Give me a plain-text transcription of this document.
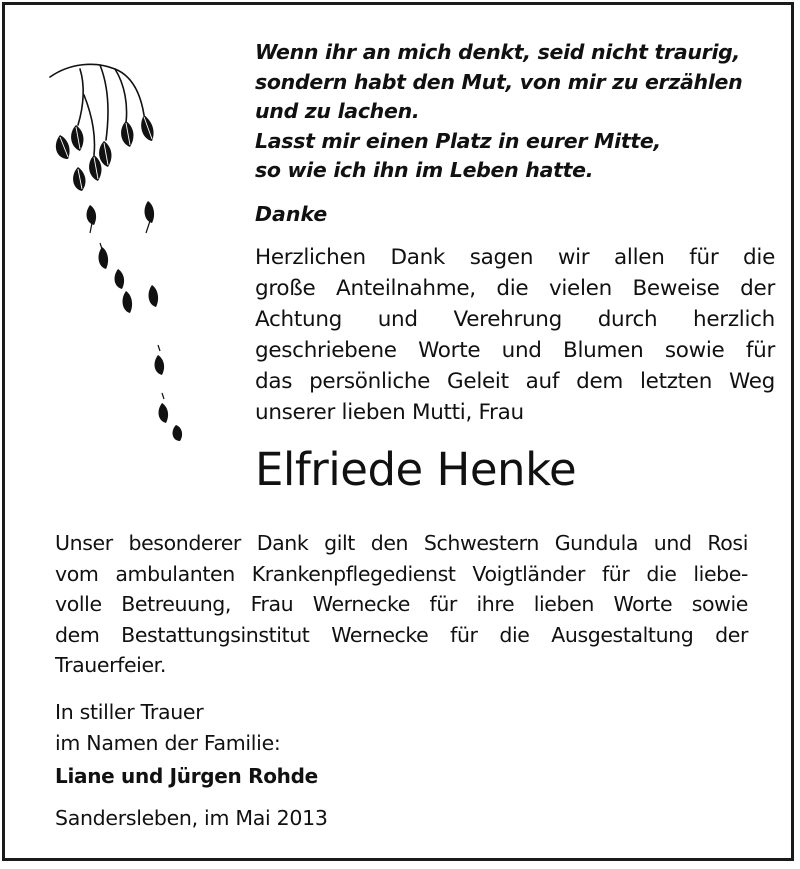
Wenn ihr an mich denkt, seid nicht traurig,
sondern habt den Mut, von mir zu erzählen
und zu lachen.
Lasst mir einen Platz in eurer Mitte,
so wie ich ihn im Leben hatte.
Danke
Herzlichen Dank sagen wir allen für die
große Anteilnahme, die vielen Beweise der
Achtung und Verehrung durch herzlich
geschriebene Worte und Blumen sowie für
das persönliche Geleit auf dem letzten Weg
unserer lieben Mutti, Frau
Elfriede Henke
Unser besonderer Dank gilt den Schwestern Gundula und Rosi
vom ambulanten Krankenpflegedienst Voigtländer für die liebe-
volle Betreuung, Frau Wernecke für ihre lieben Worte sowie
dem Bestattungsinstitut Wernecke für die Ausgestaltung der
Trauerfeier.
In stiller Trauer
im Namen der Familie:
Liane und Jürgen Rohde
Sandersleben, im Mai 2013
